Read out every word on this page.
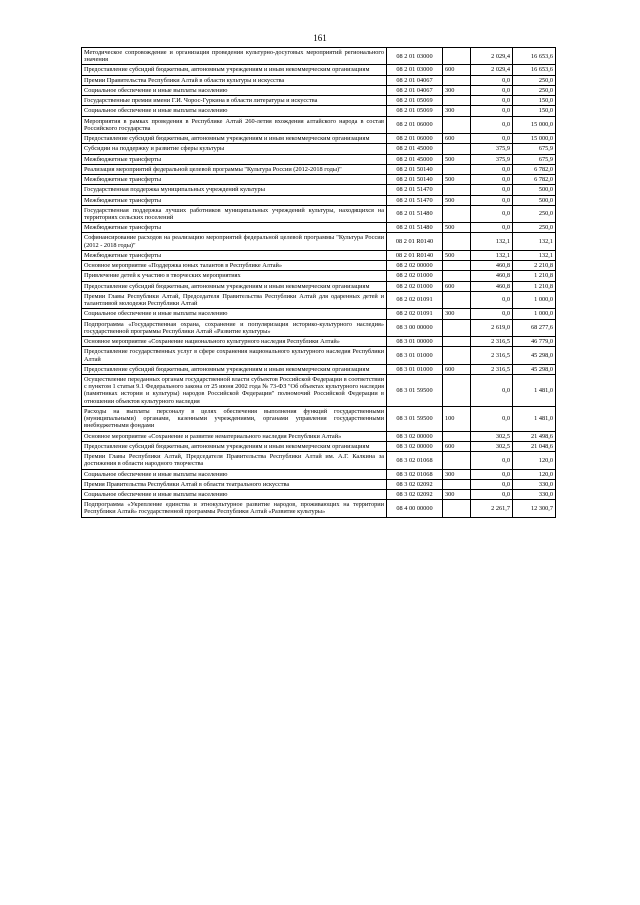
161
Методическое сопровождение и организация проведения культурно-досуговых мероприятий регионального значения	08 2 01 03000		2 029,4	16 653,6
Предоставление субсидий бюджетным, автономным учреждениям и иным некоммерческим организациям	08 2 01 03000	600	2 029,4	16 653,6
Премии Правительства Республики Алтай в области культуры и искусства	08 2 01 04067		0,0	250,0
Социальное обеспечение и иные выплаты населению	08 2 01 04067	300	0,0	250,0
Государственные премии имени Г.И. Чорос-Гуркина в области литературы и искусства	08 2 01 05069		0,0	150,0
Социальное обеспечение и иные выплаты населению	08 2 01 05069	300	0,0	150,0
Мероприятия в рамках проведения в Республике Алтай 260-летия вхождения алтайского народа в состав Российского государства	08 2 01 06000		0,0	15 000,0
Предоставление субсидий бюджетным, автономным учреждениям и иным некоммерческим организациям	08 2 01 06000	600	0,0	15 000,0
Субсидии на поддержку и развитие сферы культуры	08 2 01 45000		375,9	675,9
Межбюджетные трансферты	08 2 01 45000	500	375,9	675,9
Реализация мероприятий федеральной целевой программы "Культура России (2012-2018 годы)"	08 2 01 50140		0,0	6 782,0
Межбюджетные трансферты	08 2 01 50140	500	0,0	6 782,0
Государственная поддержка муниципальных учреждений культуры	08 2 01 51470		0,0	500,0
Межбюджетные трансферты	08 2 01 51470	500	0,0	500,0
Государственная поддержка лучших работников муниципальных учреждений культуры, находящихся на территориях сельских поселений	08 2 01 51480		0,0	250,0
Межбюджетные трансферты	08 2 01 51480	500	0,0	250,0
Софинансирование расходов на реализацию мероприятий федеральной целевой программы "Культура России (2012 - 2018 годы)"	08 2 01 R0140		132,1	132,1
Межбюджетные трансферты	08 2 01 R0140	500	132,1	132,1
Основное мероприятие «Поддержка юных талантов в Республике Алтай»	08 2 02 00000		460,8	2 210,8
Привлечение детей к участию в творческих мероприятиях	08 2 02 01000		460,8	1 210,8
Предоставление субсидий бюджетным, автономным учреждениям и иным некоммерческим организациям	08 2 02 01000	600	460,8	1 210,8
Премии Главы Республики Алтай, Председателя Правительства Республики Алтай для одаренных детей и талантливой молодежи Республики Алтай	08 2 02 01091		0,0	1 000,0
Социальное обеспечение и иные выплаты населению	08 2 02 01091	300	0,0	1 000,0
Подпрограмма «Государственная охрана, сохранение и популяризация историко-культурного наследия» государственной программы Республики Алтай «Развитие культуры»	08 3 00 00000		2 619,0	68 277,6
Основное мероприятие «Сохранение национального культурного наследия Республики Алтай»	08 3 01 00000		2 316,5	46 779,0
Предоставление государственных услуг в сфере сохранения национального культурного наследия Республики Алтай	08 3 01 01000		2 316,5	45 298,0
Предоставление субсидий бюджетным, автономным учреждениям и иным некоммерческим организациям	08 3 01 01000	600	2 316,5	45 298,0
Осуществление переданных органам государственной власти субъектов Российской Федерации в соответствии с пунктом 1 статьи 9.1 Федерального закона от 25 июня 2002 года № 73-ФЗ "Об объектах культурного наследия (памятниках истории и культуры) народов Российской Федерации" полномочий Российской Федерации в отношении объектов культурного наследия	08 3 01 59500		0,0	1 481,0
Расходы на выплаты персоналу в целях обеспечения выполнения функций государственными (муниципальными) органами, казенными учреждениями, органами управления государственными внебюджетными фондами	08 3 01 59500	100	0,0	1 481,0
Основное мероприятие «Сохранение и развитие нематериального наследия Республики Алтай»	08 3 02 00000		302,5	21 498,6
Предоставление субсидий бюджетным, автономным учреждениям и иным некоммерческим организациям	08 3 02 00000	600	302,5	21 048,6
Премии Главы Республики Алтай, Председателя Правительства Республики Алтай им. А.Г. Калкина за достижения в области народного творчества	08 3 02 01068		0,0	120,0
Социальное обеспечение и иные выплаты населению	08 3 02 01068	300	0,0	120,0
Премия Правительства Республики Алтай в области театрального искусства	08 3 02 02092		0,0	330,0
Социальное обеспечение и иные выплаты населению	08 3 02 02092	300	0,0	330,0
Подпрограмма «Укрепление единства и этнокультурное развитие народов, проживающих на территории Республики Алтай» государственной программы Республики Алтай «Развитие культуры»	08 4 00 00000		2 261,7	12 300,7
